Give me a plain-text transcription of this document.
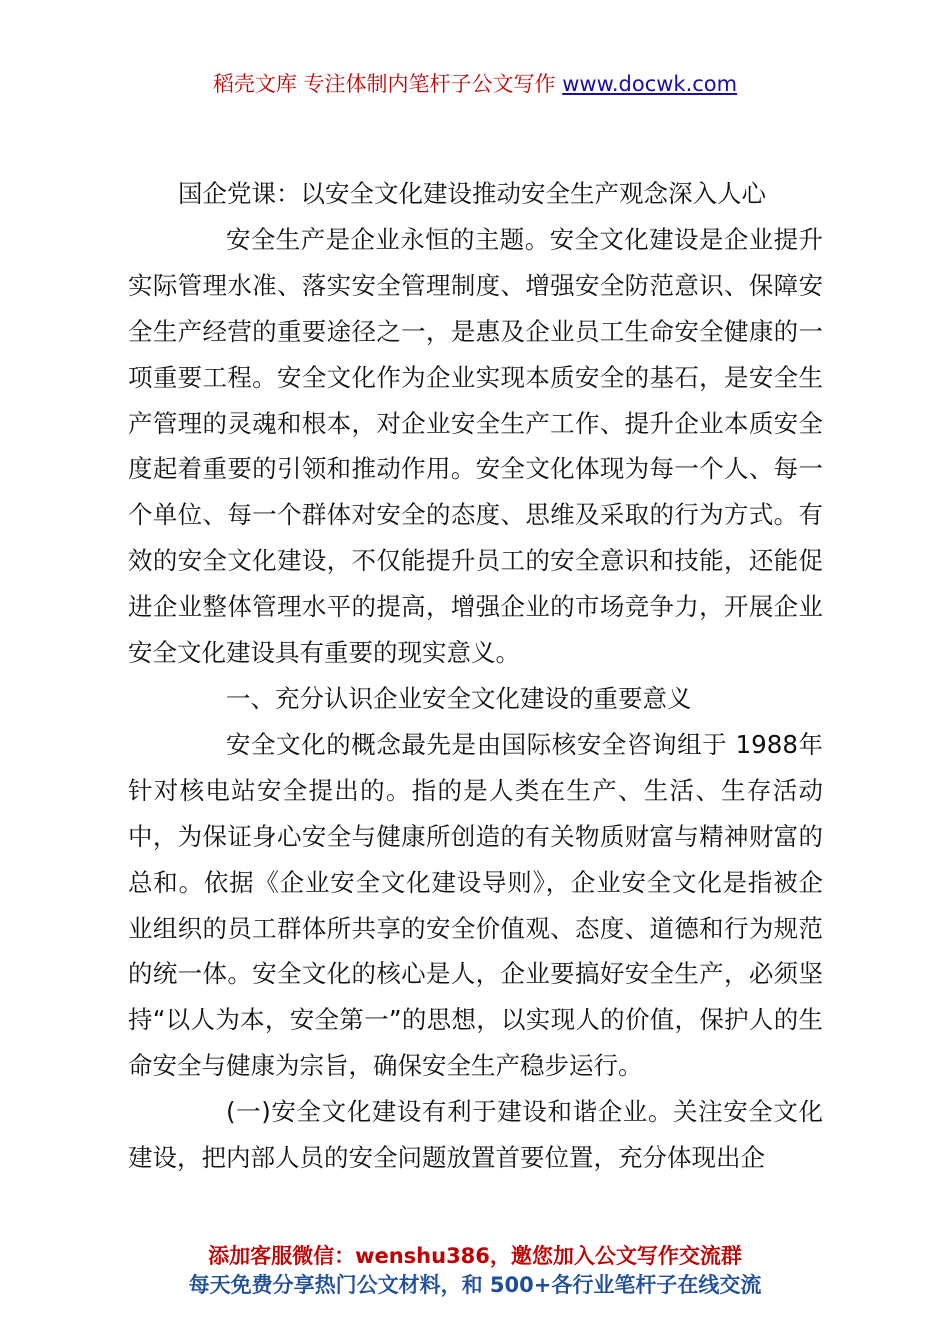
稻壳文库 专注体制内笔杆子公文写作 www.docwk.com
国企党课：以安全文化建设推动安全生产观念深入人心

安全生产是企业永恒的主题。安全文化建设是企业提升实际管理水准、落实安全管理制度、增强安全防范意识、保障安全生产经营的重要途径之一，是惠及企业员工生命安全健康的一项重要工程。安全文化作为企业实现本质安全的基石，是安全生产管理的灵魂和根本，对企业安全生产工作、提升企业本质安全度起着重要的引领和推动作用。安全文化体现为每一个人、每一个单位、每一个群体对安全的态度、思维及采取的行为方式。有效的安全文化建设，不仅能提升员工的安全意识和技能，还能促进企业整体管理水平的提高，增强企业的市场竞争力，开展企业安全文化建设具有重要的现实意义。

一、充分认识企业安全文化建设的重要意义

安全文化的概念最先是由国际核安全咨询组于 1988年针对核电站安全提出的。指的是人类在生产、生活、生存活动中，为保证身心安全与健康所创造的有关物质财富与精神财富的总和。依据《企业安全文化建设导则》，企业安全文化是指被企业组织的员工群体所共享的安全价值观、态度、道德和行为规范的统一体。安全文化的核心是人，企业要搞好安全生产，必须坚持“以人为本，安全第一”的思想，以实现人的价值，保护人的生命安全与健康为宗旨，确保安全生产稳步运行。

(一)安全文化建设有利于建设和谐企业。关注安全文化建设，把内部人员的安全问题放置首要位置，充分体现出企

添加客服微信：wenshu386，邀您加入公文写作交流群
每天免费分享热门公文材料，和 500+各行业笔杆子在线交流
